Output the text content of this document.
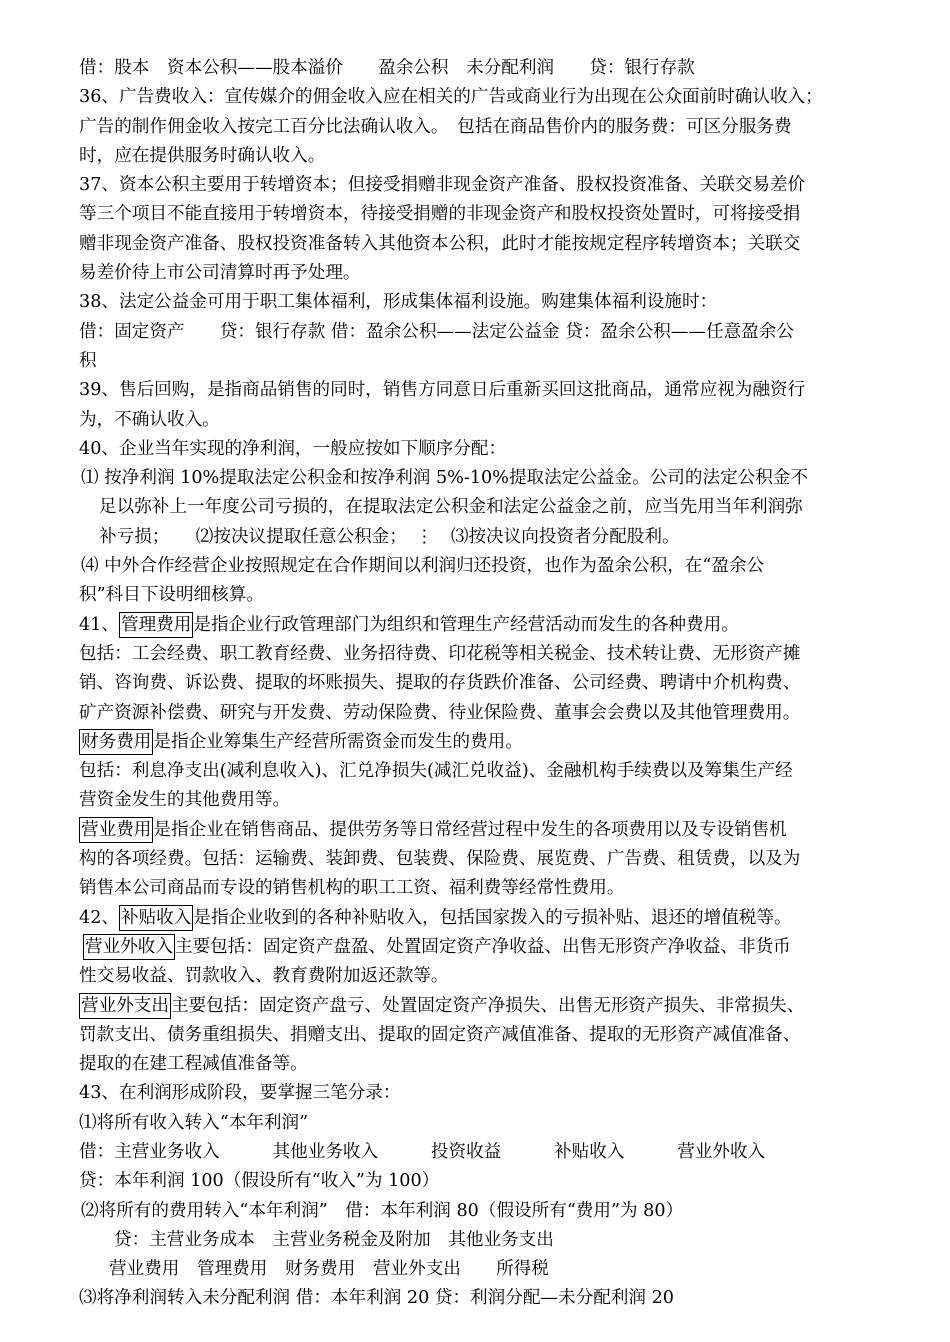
借：股本　资本公积——股本溢价　　盈余公积　未分配利润　　贷：银行存款
36、广告费收入：宣传媒介的佣金收入应在相关的广告或商业行为出现在公众面前时确认收入；
广告的制作佣金收入按完工百分比法确认收入。　包括在商品售价内的服务费：可区分服务费
时，应在提供服务时确认收入。
37、资本公积主要用于转增资本；但接受捐赠非现金资产准备、股权投资准备、关联交易差价
等三个项目不能直接用于转增资本，待接受捐赠的非现金资产和股权投资处置时，可将接受捐
赠非现金资产准备、股权投资准备转入其他资本公积，此时才能按规定程序转增资本；关联交
易差价待上市公司清算时再予处理。
38、法定公益金可用于职工集体福利，形成集体福利设施。购建集体福利设施时：
借：固定资产　　贷：银行存款 借：盈余公积——法定公益金 贷：盈余公积——任意盈余公
积
39、售后回购，是指商品销售的同时，销售方同意日后重新买回这批商品，通常应视为融资行
为，不确认收入。
40、企业当年实现的净利润，一般应按如下顺序分配：
⑴ 按净利润 10%提取法定公积金和按净利润 5%-10%提取法定公益金。公司的法定公积金不
足以弥补上一年度公司亏损的，在提取法定公积金和法定公益金之前，应当先用当年利润弥
补亏损；　　⑵按决议提取任意公积金；　⋮　⑶按决议向投资者分配股利。
⑷ 中外合作经营企业按照规定在合作期间以利润归还投资，也作为盈余公积，在“盈余公
积”科目下设明细核算。
41、 管理费用 是指企业行政管理部门为组织和管理生产经营活动而发生的各种费用。
包括：工会经费、职工教育经费、业务招待费、印花税等相关税金、技术转让费、无形资产摊
销、咨询费、诉讼费、提取的坏账损失、提取的存货跌价准备、公司经费、聘请中介机构费、
矿产资源补偿费、研究与开发费、劳动保险费、待业保险费、董事会会费以及其他管理费用。
财务费用 是指企业筹集生产经营所需资金而发生的费用。
包括：利息净支出(减利息收入)、汇兑净损失(减汇兑收益)、金融机构手续费以及筹集生产经
营资金发生的其他费用等。
营业费用 是指企业在销售商品、提供劳务等日常经营过程中发生的各项费用以及专设销售机
构的各项经费。包括：运输费、装卸费、包装费、保险费、展览费、广告费、租赁费，以及为
销售本公司商品而专设的销售机构的职工工资、福利费等经常性费用。
42、 补贴收入 是指企业收到的各种补贴收入，包括国家拨入的亏损补贴、退还的增值税等。
营业外收入 主要包括：固定资产盘盈、处置固定资产净收益、出售无形资产净收益、非货币
性交易收益、罚款收入、教育费附加返还款等。
营业外支出 主要包括：固定资产盘亏、处置固定资产净损失、出售无形资产损失、非常损失、
罚款支出、债务重组损失、捐赠支出、提取的固定资产减值准备、提取的无形资产减值准备、
提取的在建工程减值准备等。
43、在利润形成阶段，要掌握三笔分录：
⑴将所有收入转入“本年利润”
借：主营业务收入　　　其他业务收入　　　投资收益　　　补贴收入　　　营业外收入
贷：本年利润 100（假设所有“收入”为 100）
⑵将所有的费用转入“本年利润”　借：本年利润 80（假设所有“费用”为 80）
贷：主营业务成本　主营业务税金及附加　其他业务支出
营业费用　管理费用　财务费用　营业外支出　　所得税
⑶将净利润转入未分配利润 借：本年利润 20 贷：利润分配—未分配利润 20
